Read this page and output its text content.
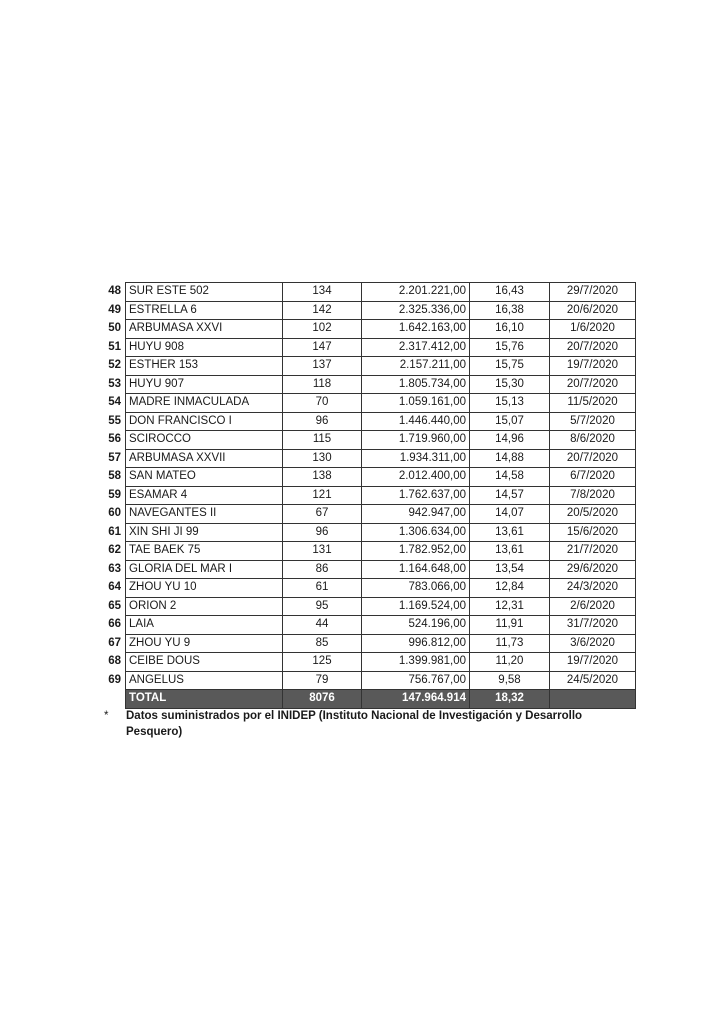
48	SUR ESTE 502	134	2.201.221,00	16,43	29/7/2020
49	ESTRELLA 6	142	2.325.336,00	16,38	20/6/2020
50	ARBUMASA XXVI	102	1.642.163,00	16,10	1/6/2020
51	HUYU 908	147	2.317.412,00	15,76	20/7/2020
52	ESTHER 153	137	2.157.211,00	15,75	19/7/2020
53	HUYU 907	118	1.805.734,00	15,30	20/7/2020
54	MADRE INMACULADA	70	1.059.161,00	15,13	11/5/2020
55	DON FRANCISCO I	96	1.446.440,00	15,07	5/7/2020
56	SCIROCCO	115	1.719.960,00	14,96	8/6/2020
57	ARBUMASA XXVII	130	1.934.311,00	14,88	20/7/2020
58	SAN MATEO	138	2.012.400,00	14,58	6/7/2020
59	ESAMAR 4	121	1.762.637,00	14,57	7/8/2020
60	NAVEGANTES II	67	942.947,00	14,07	20/5/2020
61	XIN SHI JI 99	96	1.306.634,00	13,61	15/6/2020
62	TAE BAEK 75	131	1.782.952,00	13,61	21/7/2020
63	GLORIA DEL MAR I	86	1.164.648,00	13,54	29/6/2020
64	ZHOU YU 10	61	783.066,00	12,84	24/3/2020
65	ORION 2	95	1.169.524,00	12,31	2/6/2020
66	LAIA	44	524.196,00	11,91	31/7/2020
67	ZHOU YU 9	85	996.812,00	11,73	3/6/2020
68	CEIBE DOUS	125	1.399.981,00	11,20	19/7/2020
69	ANGELUS	79	756.767,00	9,58	24/5/2020
	TOTAL	8076	147.964.914	18,32	
*	Datos suministrados por el INIDEP (Instituto Nacional de Investigación y Desarrollo Pesquero)
